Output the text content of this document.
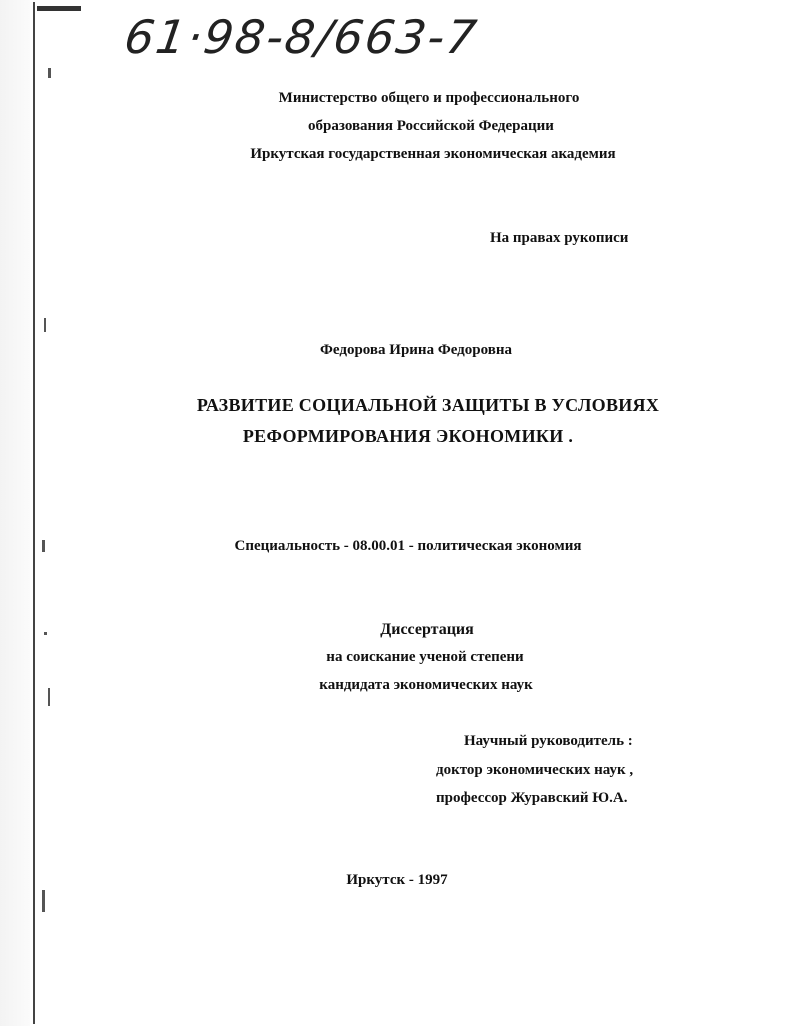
61·98-8/663-7

Министерство общего и профессионального

образования Российской Федерации

Иркутская государственная экономическая академия

На правах рукописи

Федорова Ирина Федоровна

РАЗВИТИЕ СОЦИАЛЬНОЙ ЗАЩИТЫ В УСЛОВИЯХ

РЕФОРМИРОВАНИЯ ЭКОНОМИКИ .

Специальность - 08.00.01 - политическая экономия

Диссертация

на соискание ученой степени

кандидата экономических наук

Научный руководитель :

доктор экономических наук ,

профессор Журавский Ю.А.

Иркутск - 1997
